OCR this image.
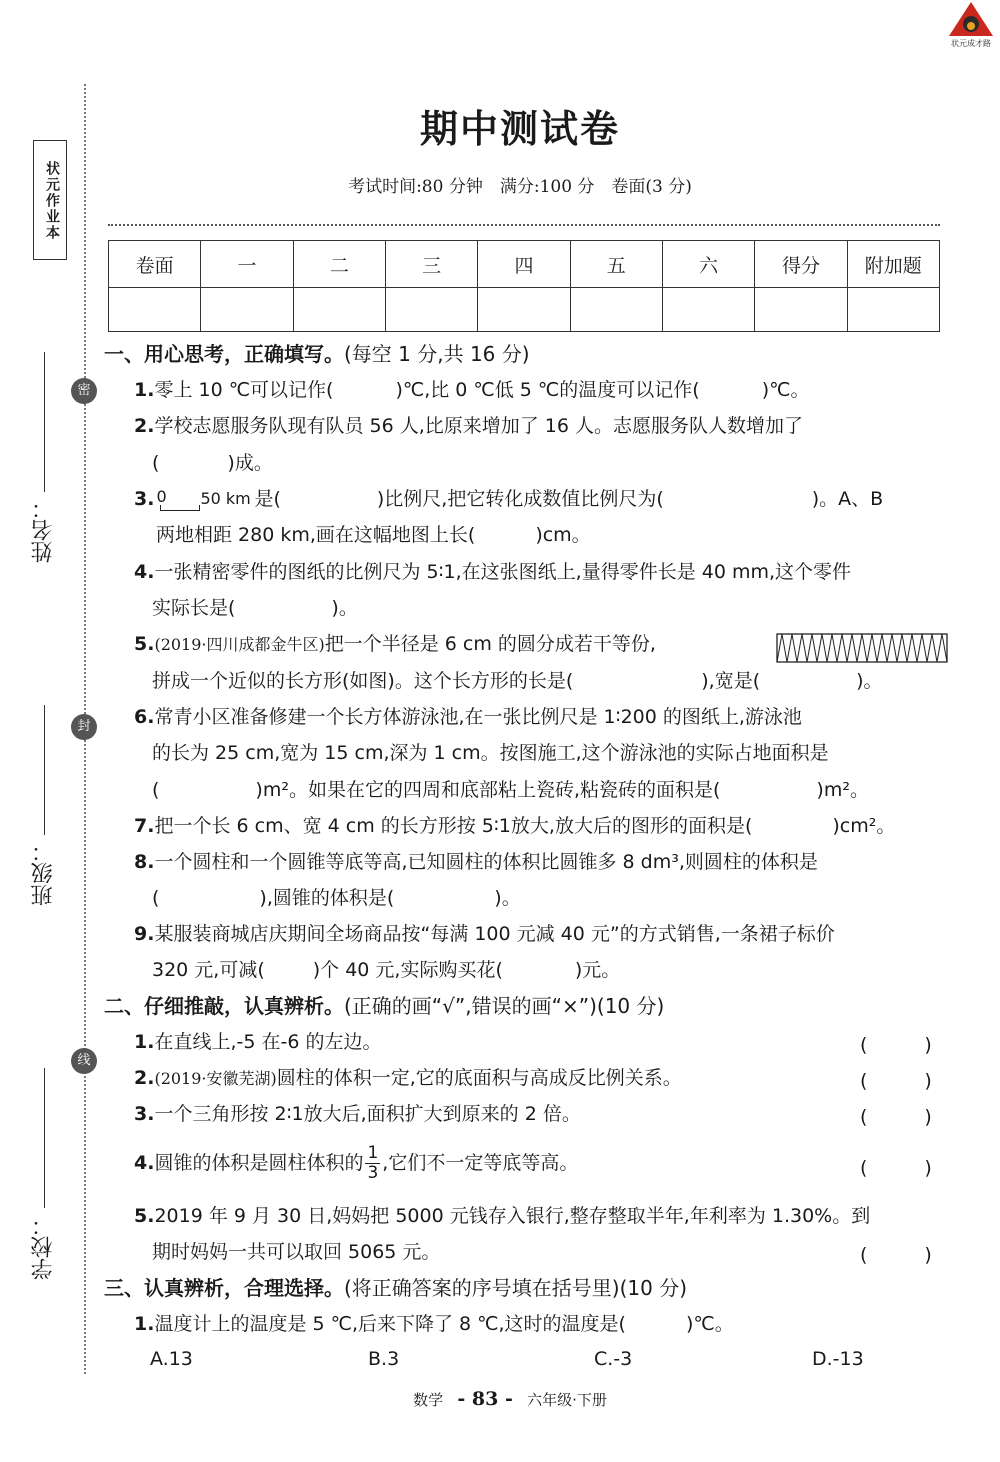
状元成才路
状元作业本
密
封
线
姓名：
班级：
学校：
期中测试卷
考试时间:80 分钟　满分:100 分　卷面(3 分)
卷面	一	二	三	四	五	六	得分	附加题

一、用心思考，正确填写。(每空 1 分,共 16 分)
1.零上 10 ℃可以记作(	)℃,比 0 ℃低 5 ℃的温度可以记作(	)℃。
2.学校志愿服务队现有队员 56 人,比原来增加了 16 人。志愿服务队人数增加了
(	)成。
3. 0 50 km 是(	)比例尺,把它转化成数值比例尺为(	)。A、B
两地相距 280 km,画在这幅地图上长(	)cm。
4.一张精密零件的图纸的比例尺为 5∶1,在这张图纸上,量得零件长是 40 mm,这个零件
实际长是(	)。
5.(2019·四川成都金牛区)把一个半径是 6 cm 的圆分成若干等份,
拼成一个近似的长方形(如图)。这个长方形的长是(	),宽是(	)。
6.常青小区准备修建一个长方体游泳池,在一张比例尺是 1∶200 的图纸上,游泳池
的长为 25 cm,宽为 15 cm,深为 1 cm。按图施工,这个游泳池的实际占地面积是
(	)m²。如果在它的四周和底部粘上瓷砖,粘瓷砖的面积是(	)m²。
7.把一个长 6 cm、宽 4 cm 的长方形按 5∶1放大,放大后的图形的面积是(	)cm²。
8.一个圆柱和一个圆锥等底等高,已知圆柱的体积比圆锥多 8 dm³,则圆柱的体积是
(	),圆锥的体积是(	)。
9.某服装商城店庆期间全场商品按“每满 100 元减 40 元”的方式销售,一条裙子标价
320 元,可减(	)个 40 元,实际购买花(	)元。
二、仔细推敲，认真辨析。(正确的画“√”,错误的画“×”)(10 分)
1.在直线上,-5 在-6 的左边。	(　　　)
2.(2019·安徽芜湖)圆柱的体积一定,它的底面积与高成反比例关系。	(　　　)
3.一个三角形按 2∶1放大后,面积扩大到原来的 2 倍。	(　　　)
4.圆锥的体积是圆柱体积的 $\frac{1}{3}$ ,它们不一定等底等高。	(　　　)
5.2019 年 9 月 30 日,妈妈把 5000 元钱存入银行,整存整取半年,年利率为 1.30%。到
期时妈妈一共可以取回 5065 元。	(　　　)
三、认真辨析，合理选择。(将正确答案的序号填在括号里)(10 分)
1.温度计上的温度是 5 ℃,后来下降了 8 ℃,这时的温度是(	)℃。
A.13	B.3	C.-3	D.-13
数学 - 83 - 六年级·下册
